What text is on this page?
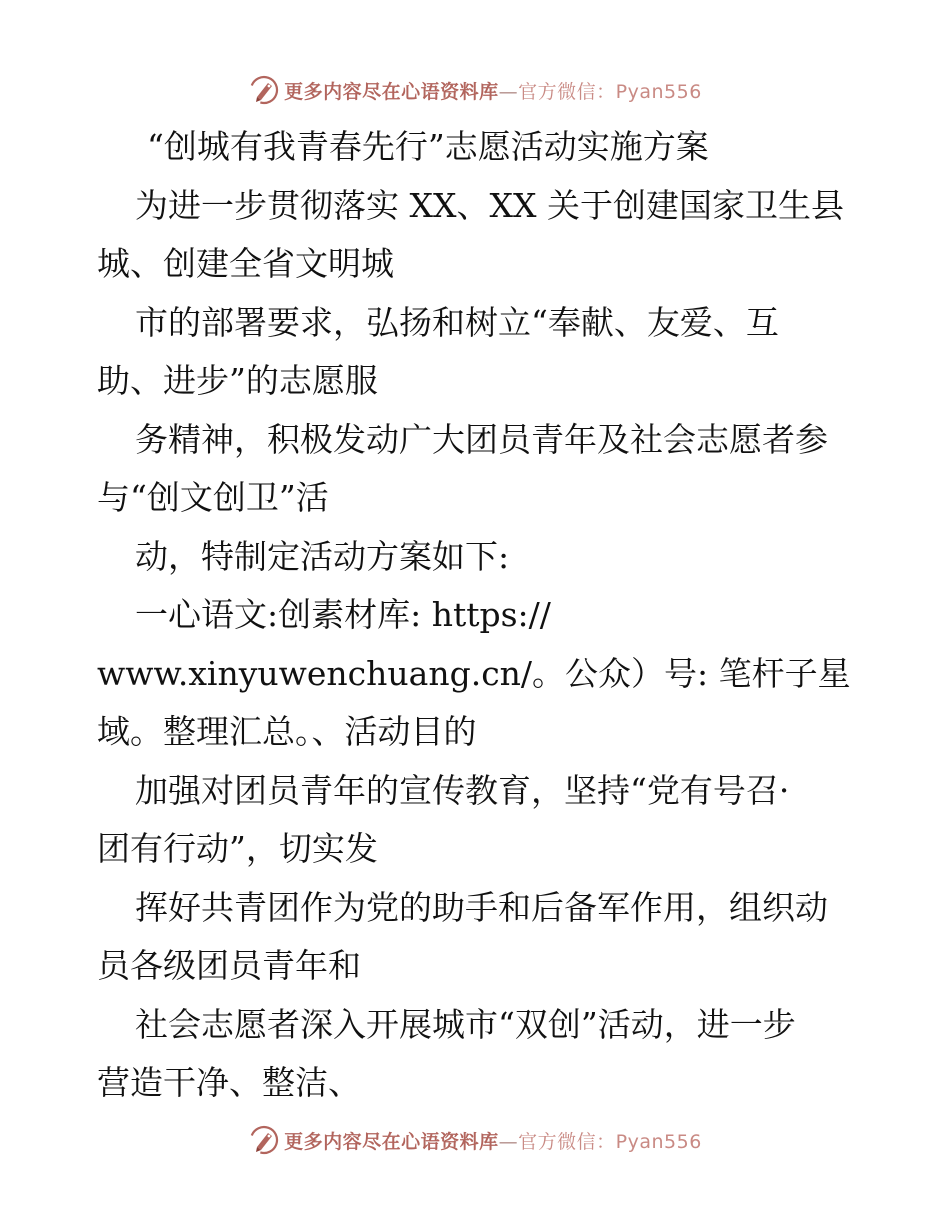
更多内容尽在心语资料库—官方微信：Pyan556
“创城有我青春先行”志愿活动实施方案
为进一步贯彻落实 XX、XX 关于创建国家卫生县
城、创建全省文明城
市的部署要求，弘扬和树立“奉献、友爱、互
助、进步”的志愿服
务精神，积极发动广大团员青年及社会志愿者参
与“创文创卫”活
动，特制定活动方案如下:
一心语文:创素材库: https://
www.xinyuwenchuang.cn/。公众）号: 笔杆子星
域。整理汇总。、活动目的
加强对团员青年的宣传教育，坚持“党有号召·
团有行动”，切实发
挥好共青团作为党的助手和后备军作用，组织动
员各级团员青年和
社会志愿者深入开展城市“双创”活动，进一步
营造干净、整洁、
更多内容尽在心语资料库—官方微信：Pyan556
